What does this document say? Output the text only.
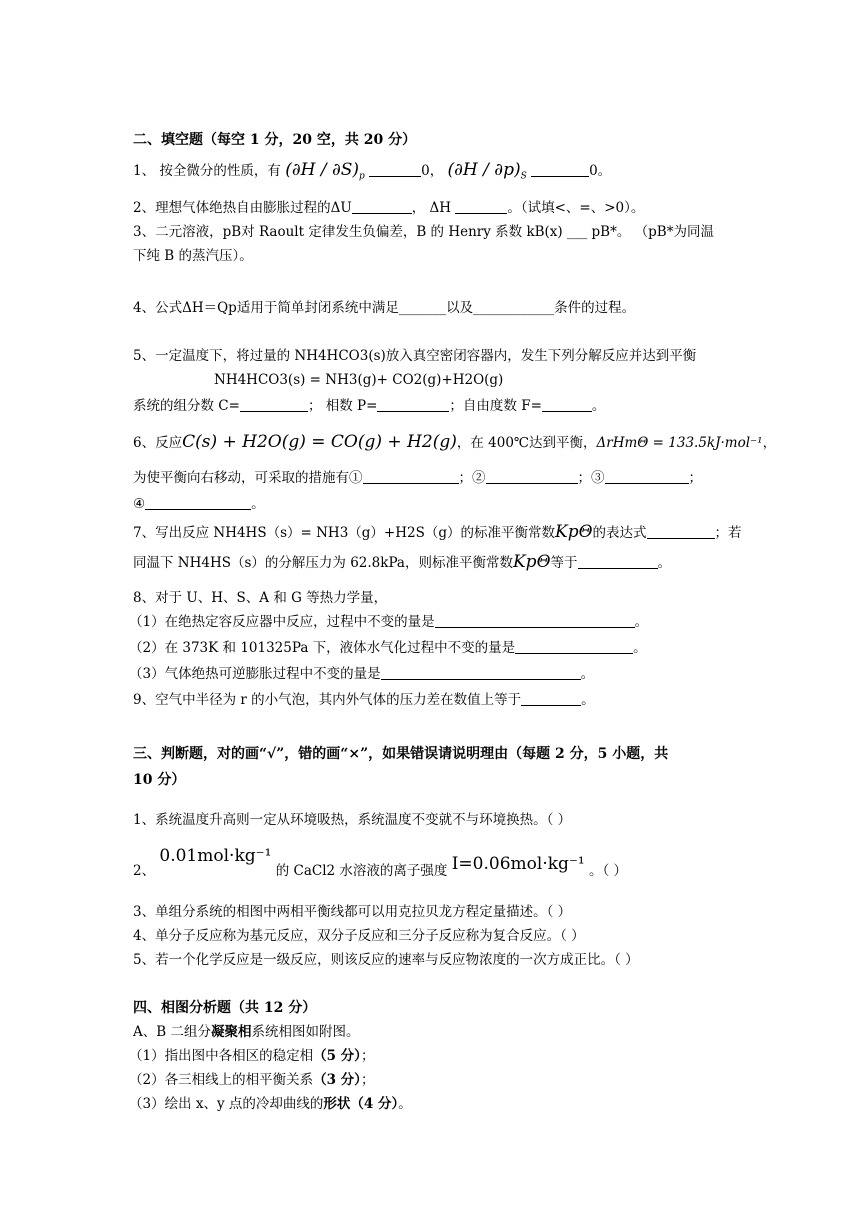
二、填空题（每空 1 分，20 空，共 20 分）
1、 按全微分的性质，有 $(\partial H / \partial S)_p$	0， $(\partial H / \partial p)_S$	0。
2、理想气体绝热自由膨胀过程的ΔU	， ΔH	。（试填<、=、>0）。
3、二元溶液，pB对 Raoult 定律发生负偏差，B 的 Henry 系数 kB(x) ___ pB*。 （pB*为同温
下纯 B 的蒸汽压）。
4、公式ΔH＝Qp适用于简单封闭系统中满足_______以及____________条件的过程。
5、一定温度下，将过量的 NH4HCO3(s)放入真空密闭容器内，发生下列分解反应并达到平衡
NH4HCO3(s) = NH3(g)+ CO2(g)+H2O(g)
系统的组分数 C=	； 相数 P=	；自由度数 F=	。
6、反应C(s) + H2O(g) = CO(g) + H2(g)，在 400℃达到平衡，ΔrHmΘ = 133.5kJ·mol⁻¹，
为使平衡向右移动，可采取的措施有①	；②	；③	；
④	。
7、写出反应 NH4HS（s）= NH3（g）+H2S（g）的标准平衡常数KpΘ的表达式	；若
同温下 NH4HS（s）的分解压力为 62.8kPa，则标准平衡常数KpΘ等于	。
8、对于 U、H、S、A 和 G 等热力学量，
（1）在绝热定容反应器中反应，过程中不变的量是	。
（2）在 373K 和 101325Pa 下，液体水气化过程中不变的量是	。
（3）气体绝热可逆膨胀过程中不变的量是	。
9、空气中半径为 r 的小气泡，其内外气体的压力差在数值上等于	。
三、判断题，对的画“√”，错的画“×”，如果错误请说明理由（每题 2 分，5 小题，共
10 分）
1、系统温度升高则一定从环境吸热，系统温度不变就不与环境换热。（ ）
2、 0.01mol·kg⁻¹ 的 CaCl2 水溶液的离子强度 I=0.06mol·kg⁻¹ 。（ ）
3、单组分系统的相图中两相平衡线都可以用克拉贝龙方程定量描述。（ ）
4、单分子反应称为基元反应，双分子反应和三分子反应称为复合反应。（ ）
5、若一个化学反应是一级反应，则该反应的速率与反应物浓度的一次方成正比。（ ）
四、相图分析题（共 12 分）
A、B 二组分凝聚相系统相图如附图。
（1）指出图中各相区的稳定相（5 分）；
（2）各三相线上的相平衡关系（3 分）；
（3）绘出 x、y 点的冷却曲线的形状（4 分）。
